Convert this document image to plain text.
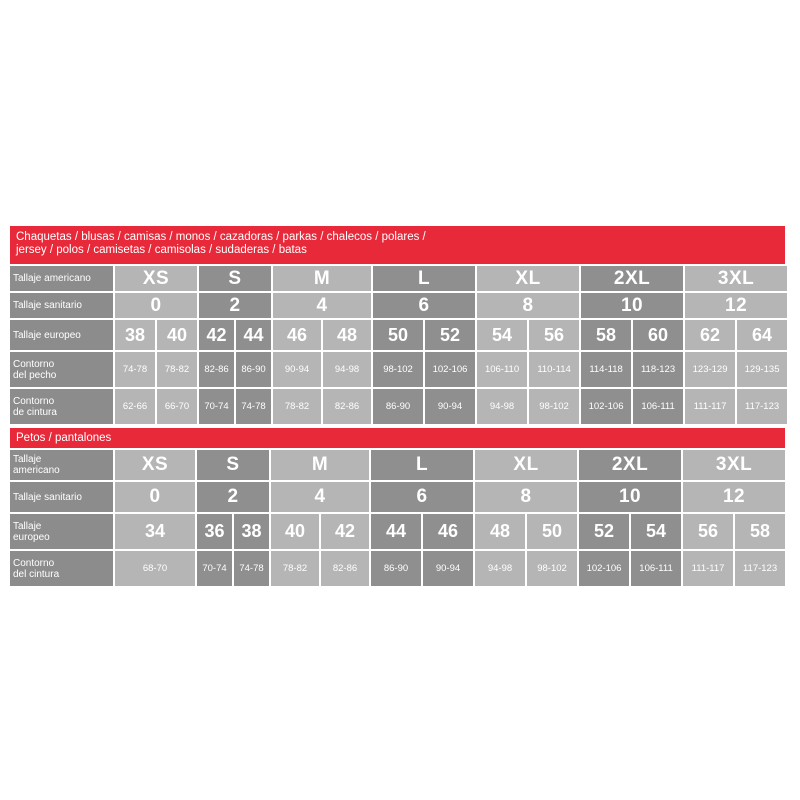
Chaquetas / blusas / camisas / monos / cazadoras / parkas / chalecos / polares /
jersey / polos / camisetas / camisolas / sudaderas / batas
Tallaje americano	XS		S		M		L		XL		2XL		3XL	
Tallaje sanitario	0		2		4		6		8		10		12	
Tallaje europeo	38	40	42	44	46	48	50	52	54	56	58	60	62	64
Contorno
del pecho	74-78	78-82	82-86	86-90	90-94	94-98	98-102	102-106	106-110	110-114	114-118	118-123	123-129	129-135
Contorno
de cintura	62-66	66-70	70-74	74-78	78-82	82-86	86-90	90-94	94-98	98-102	102-106	106-111	111-117	117-123
Petos / pantalones
Tallaje
americano	XS	S		M		L		XL		2XL		3XL	
Tallaje sanitario	0	2		4		6		8		10		12	
Tallaje
europeo	34	36	38	40	42	44	46	48	50	52	54	56	58
Contorno
del cintura	68-70	70-74	74-78	78-82	82-86	86-90	90-94	94-98	98-102	102-106	106-111	111-117	117-123
